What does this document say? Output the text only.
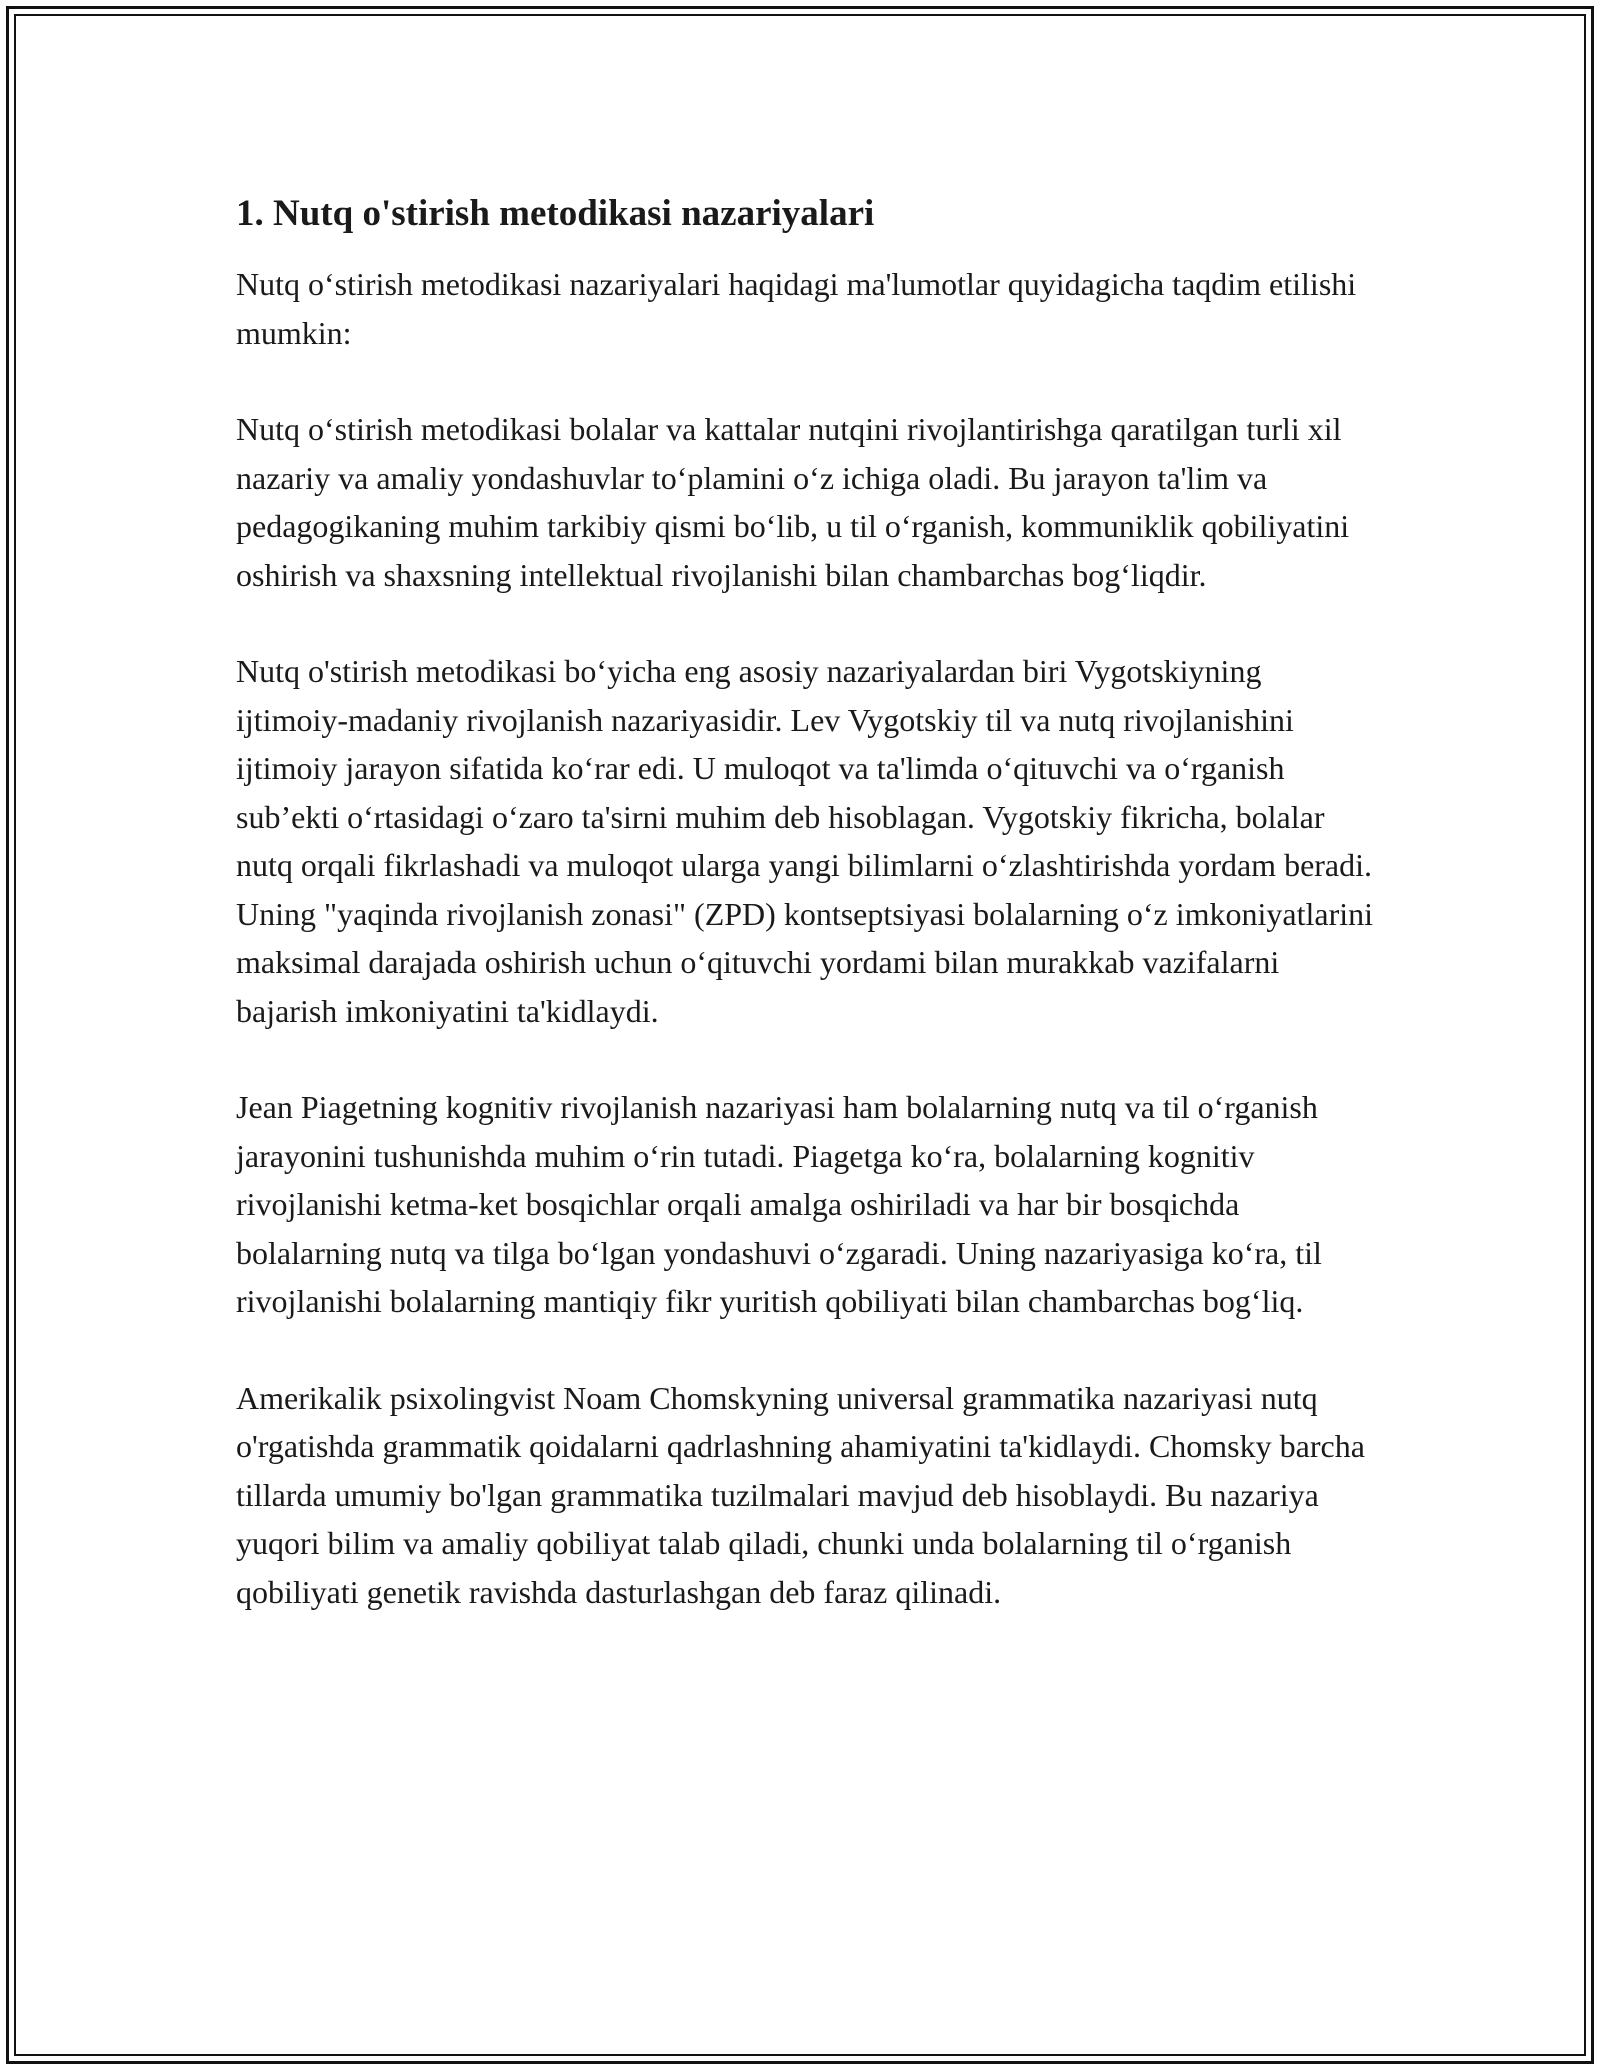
1. Nutq o'stirish metodikasi nazariyalari

Nutq o‘stirish metodikasi nazariyalari haqidagi ma'lumotlar quyidagicha taqdim etilishi mumkin:

Nutq o‘stirish metodikasi bolalar va kattalar nutqini rivojlantirishga qaratilgan turli xil nazariy va amaliy yondashuvlar to‘plamini o‘z ichiga oladi. Bu jarayon ta'lim va pedagogikaning muhim tarkibiy qismi bo‘lib, u til o‘rganish, kommuniklik qobiliyatini oshirish va shaxsning intellektual rivojlanishi bilan chambarchas bog‘liqdir.

Nutq o'stirish metodikasi bo‘yicha eng asosiy nazariyalardan biri Vygotskiyning ijtimoiy-madaniy rivojlanish nazariyasidir. Lev Vygotskiy til va nutq rivojlanishini ijtimoiy jarayon sifatida ko‘rar edi. U muloqot va ta'limda o‘qituvchi va o‘rganish sub’ekti o‘rtasidagi o‘zaro ta'sirni muhim deb hisoblagan. Vygotskiy fikricha, bolalar nutq orqali fikrlashadi va muloqot ularga yangi bilimlarni o‘zlashtirishda yordam beradi. Uning "yaqinda rivojlanish zonasi" (ZPD) kontseptsiyasi bolalarning o‘z imkoniyatlarini maksimal darajada oshirish uchun o‘qituvchi yordami bilan murakkab vazifalarni bajarish imkoniyatini ta'kidlaydi.

Jean Piagetning kognitiv rivojlanish nazariyasi ham bolalarning nutq va til o‘rganish jarayonini tushunishda muhim o‘rin tutadi. Piagetga ko‘ra, bolalarning kognitiv rivojlanishi ketma-ket bosqichlar orqali amalga oshiriladi va har bir bosqichda bolalarning nutq va tilga bo‘lgan yondashuvi o‘zgaradi. Uning nazariyasiga ko‘ra, til rivojlanishi bolalarning mantiqiy fikr yuritish qobiliyati bilan chambarchas bog‘liq.

Amerikalik psixolingvist Noam Chomskyning universal grammatika nazariyasi nutq o'rgatishda grammatik qoidalarni qadrlashning ahamiyatini ta'kidlaydi. Chomsky barcha tillarda umumiy bo'lgan grammatika tuzilmalari mavjud deb hisoblaydi. Bu nazariya yuqori bilim va amaliy qobiliyat talab qiladi, chunki unda bolalarning til o‘rganish qobiliyati genetik ravishda dasturlashgan deb faraz qilinadi.
